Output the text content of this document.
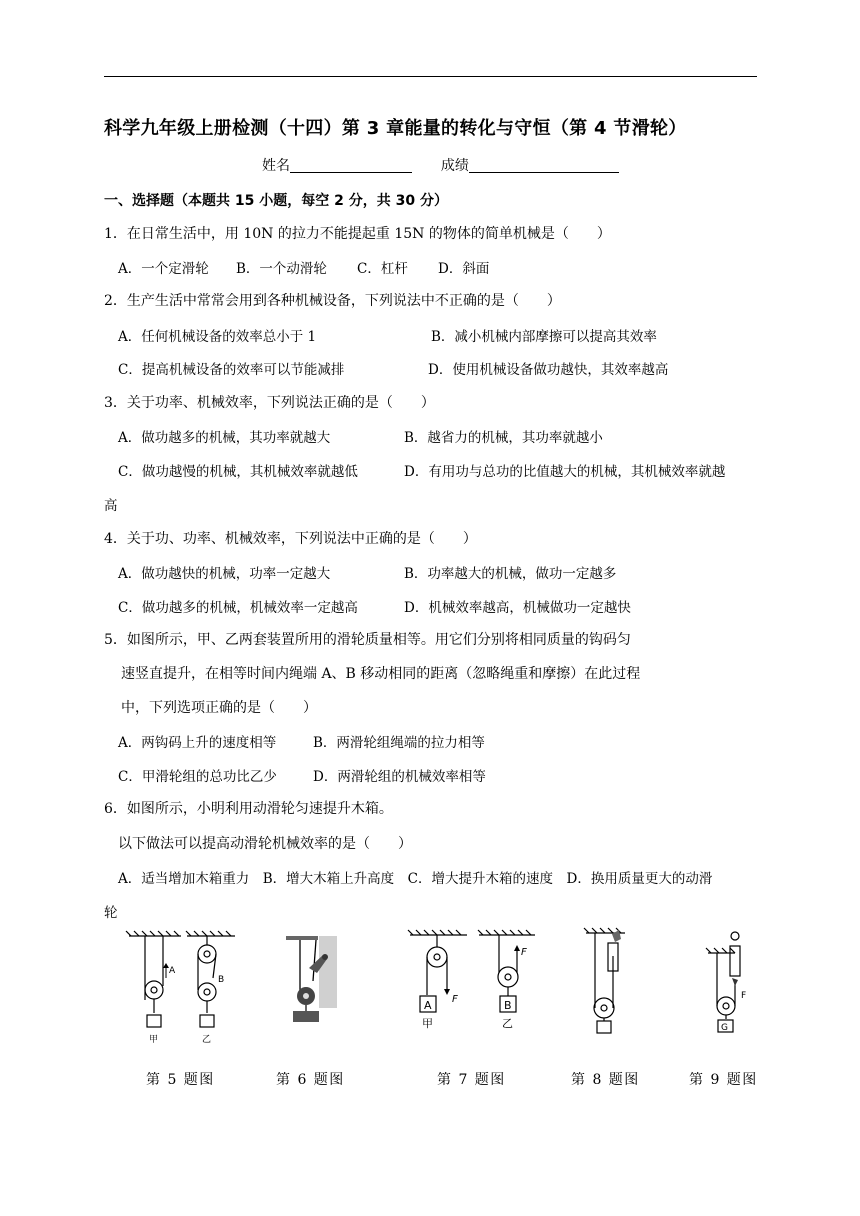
科学九年级上册检测（十四）第 3 章能量的转化与守恒（第 4 节滑轮）
姓名	成绩
一、选择题（本题共 15 小题，每空 2 分，共 30 分）
1．在日常生活中，用 10N 的拉力不能提起重 15N 的物体的简单机械是（　　）
A．一个定滑轮 B．一个动滑轮 C．杠杆 D．斜面
2．生产生活中常常会用到各种机械设备，下列说法中不正确的是（　　）
A．任何机械设备的效率总小于 1	B．减小机械内部摩擦可以提高其效率
C．提高机械设备的效率可以节能减排	D．使用机械设备做功越快，其效率越高
3．关于功率、机械效率，下列说法正确的是（　　）
A．做功越多的机械，其功率就越大	B．越省力的机械，其功率就越小
C．做功越慢的机械，其机械效率就越低	D．有用功与总功的比值越大的机械，其机械效率就越
高
4．关于功、功率、机械效率，下列说法中正确的是（　　）
A．做功越快的机械，功率一定越大	B．功率越大的机械，做功一定越多
C．做功越多的机械，机械效率一定越高	D．机械效率越高，机械做功一定越快
5．如图所示，甲、乙两套装置所用的滑轮质量相等。用它们分别将相同质量的钩码匀
速竖直提升，在相等时间内绳端 A、B 移动相同的距离（忽略绳重和摩擦）在此过程
中，下列选项正确的是（　　）
A．两钩码上升的速度相等	B．两滑轮组绳端的拉力相等
C．甲滑轮组的总功比乙少	D．两滑轮组的机械效率相等
6．如图所示，小明利用动滑轮匀速提升木箱。
以下做法可以提高动滑轮机械效率的是（　　）
A．适当增加木箱重力　B．增大木箱上升高度　C．增大提升木箱的速度　D．换用质量更大的动滑
轮
A
B
甲	乙
A	B
F
F
甲	乙
F
G
第 5 题图	第 6 题图	第 7 题图	第 8 题图	第 9 题图
